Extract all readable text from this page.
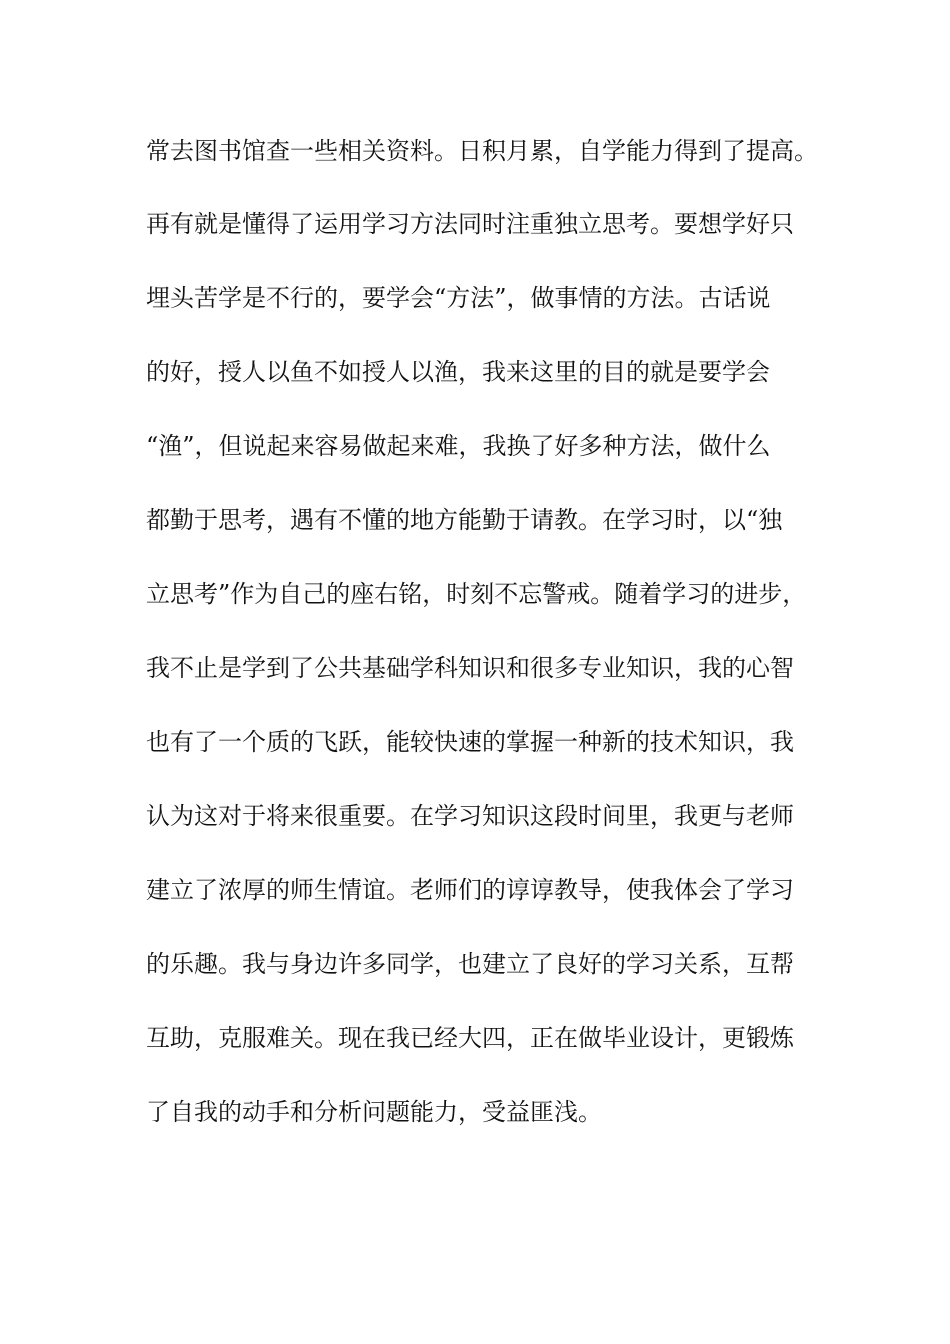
常去图书馆查一些相关资料。日积月累，自学能力得到了提高。
再有就是懂得了运用学习方法同时注重独立思考。要想学好只
埋头苦学是不行的，要学会“方法”，做事情的方法。古话说
的好，授人以鱼不如授人以渔，我来这里的目的就是要学会
“渔”，但说起来容易做起来难，我换了好多种方法，做什么
都勤于思考，遇有不懂的地方能勤于请教。在学习时，以“独
立思考”作为自己的座右铭，时刻不忘警戒。随着学习的进步，
我不止是学到了公共基础学科知识和很多专业知识，我的心智
也有了一个质的飞跃，能较快速的掌握一种新的技术知识，我
认为这对于将来很重要。在学习知识这段时间里，我更与老师
建立了浓厚的师生情谊。老师们的谆谆教导，使我体会了学习
的乐趣。我与身边许多同学，也建立了良好的学习关系，互帮
互助，克服难关。现在我已经大四，正在做毕业设计，更锻炼
了自我的动手和分析问题能力，受益匪浅。
